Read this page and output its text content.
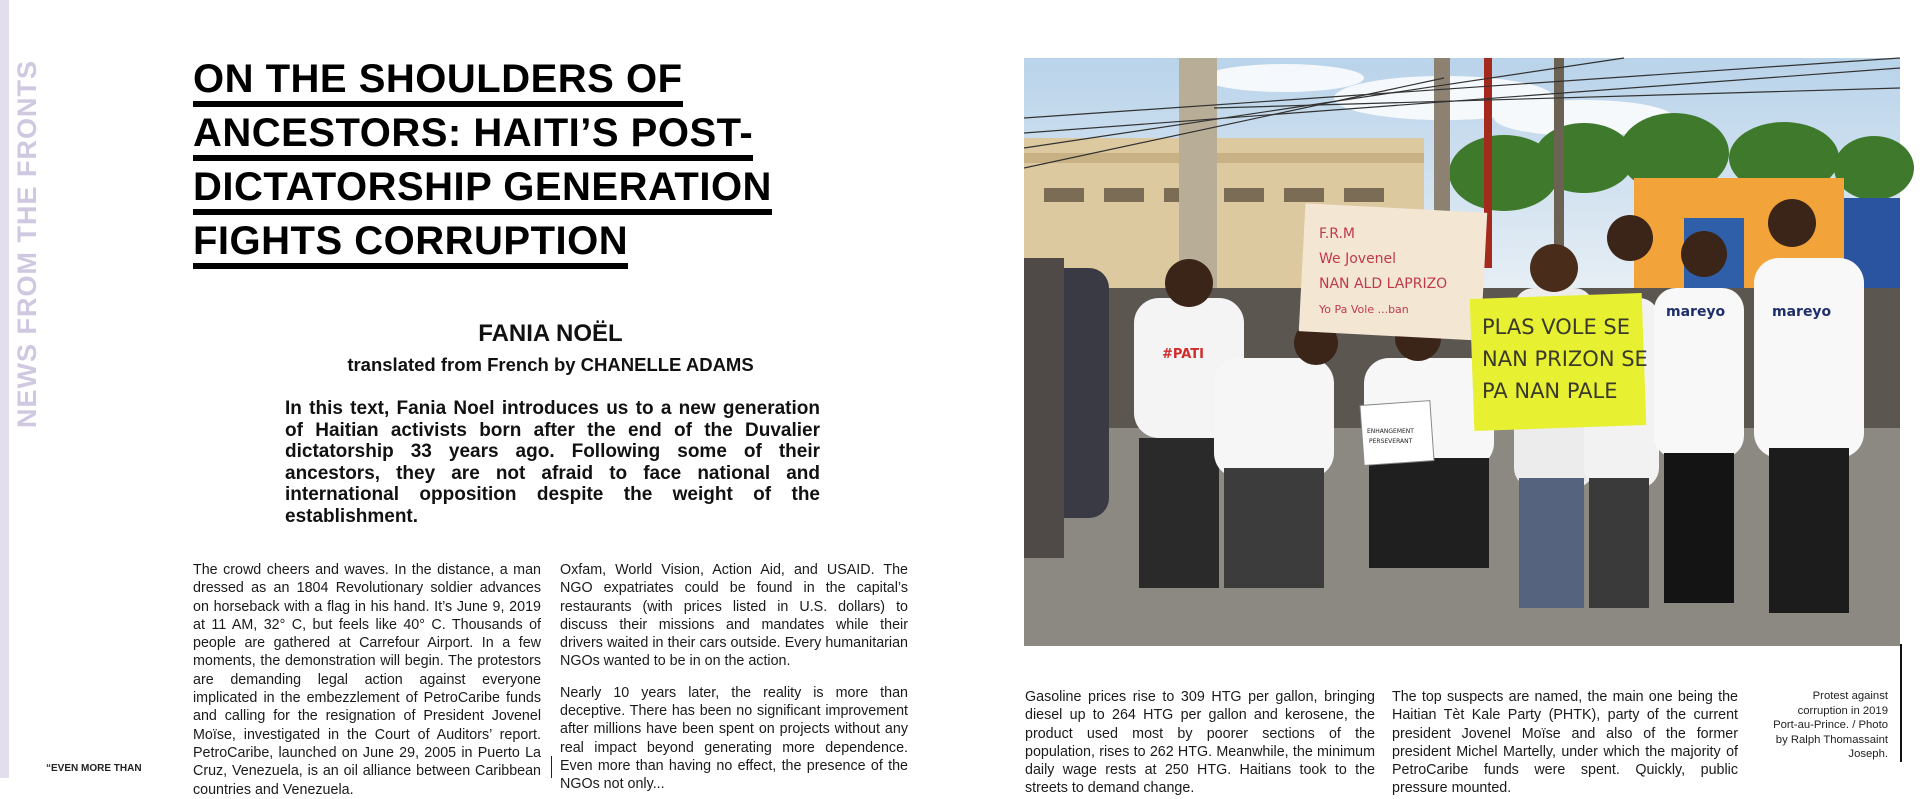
NEWS FROM THE FRONTS	ON THE SHOULDERS OF
ANCESTORS: HAITI’S POST-
DICTATORSHIP GENERATION
FIGHTS CORRUPTION

FANIA NOËL

translated from French by CHANELLE ADAMS

In this text, Fania Noel introduces us to a new generation of Haitian activists born after the end of the Duvalier dictatorship 33 years ago. Following some of their ancestors, they are not afraid to face national and international opposition despite the weight of the establishment.

The crowd cheers and waves. In the distance, a man dressed as an 1804 Revolutionary soldier advances on horseback with a flag in his hand. It’s June 9, 2019 at 11 AM, 32° C, but feels like 40° C. Thousands of people are gathered at Carrefour Airport. In a few moments, the demonstration will begin. The protestors are demanding legal action against everyone implicated in the embezzlement of PetroCaribe funds and calling for the resignation of President Jovenel Moïse, investigated in the Court of Auditors’ report. PetroCaribe, launched on June 29, 2005 in Puerto La Cruz, Venezuela, is an oil alliance between Caribbean countries and Venezuela.

Oxfam, World Vision, Action Aid, and USAID. The NGO expatriates could be found in the capital’s restaurants (with prices listed in U.S. dollars) to discuss their missions and mandates while their drivers waited in their cars outside. Every humanitarian NGOs wanted to be in on the action.

Nearly 10 years later, the reality is more than deceptive. There has been no significant improvement after millions have been spent on projects without any real impact beyond generating more dependence. Even more than having no effect, the presence of the NGOs not only...

“EVEN MORE THAN
F.R.M
We Jovenel
NAN ALD LAPRIZO
Yo Pa Vole ...ban
PLAS VOLE SE
NAN PRIZON SE
PA NAN PALE
#PATI
mareyo	mareyo
ENHANGEMENT
PERSEVERANT

Gasoline prices rise to 309 HTG per gallon, bringing diesel up to 264 HTG per gallon and kerosene, the product used most by poorer sections of the population, rises to 262 HTG. Meanwhile, the minimum daily wage rests at 250 HTG. Haitians took to the streets to demand change.

The top suspects are named, the main one being the Haitian Tèt Kale Party (PHTK), party of the current president Jovenel Moïse and also of the former president Michel Martelly, under which the majority of PetroCaribe funds were spent. Quickly, public pressure mounted.

Protest against corruption in 2019 Port-au-Prince. / Photo by Ralph Thomassaint Joseph.
